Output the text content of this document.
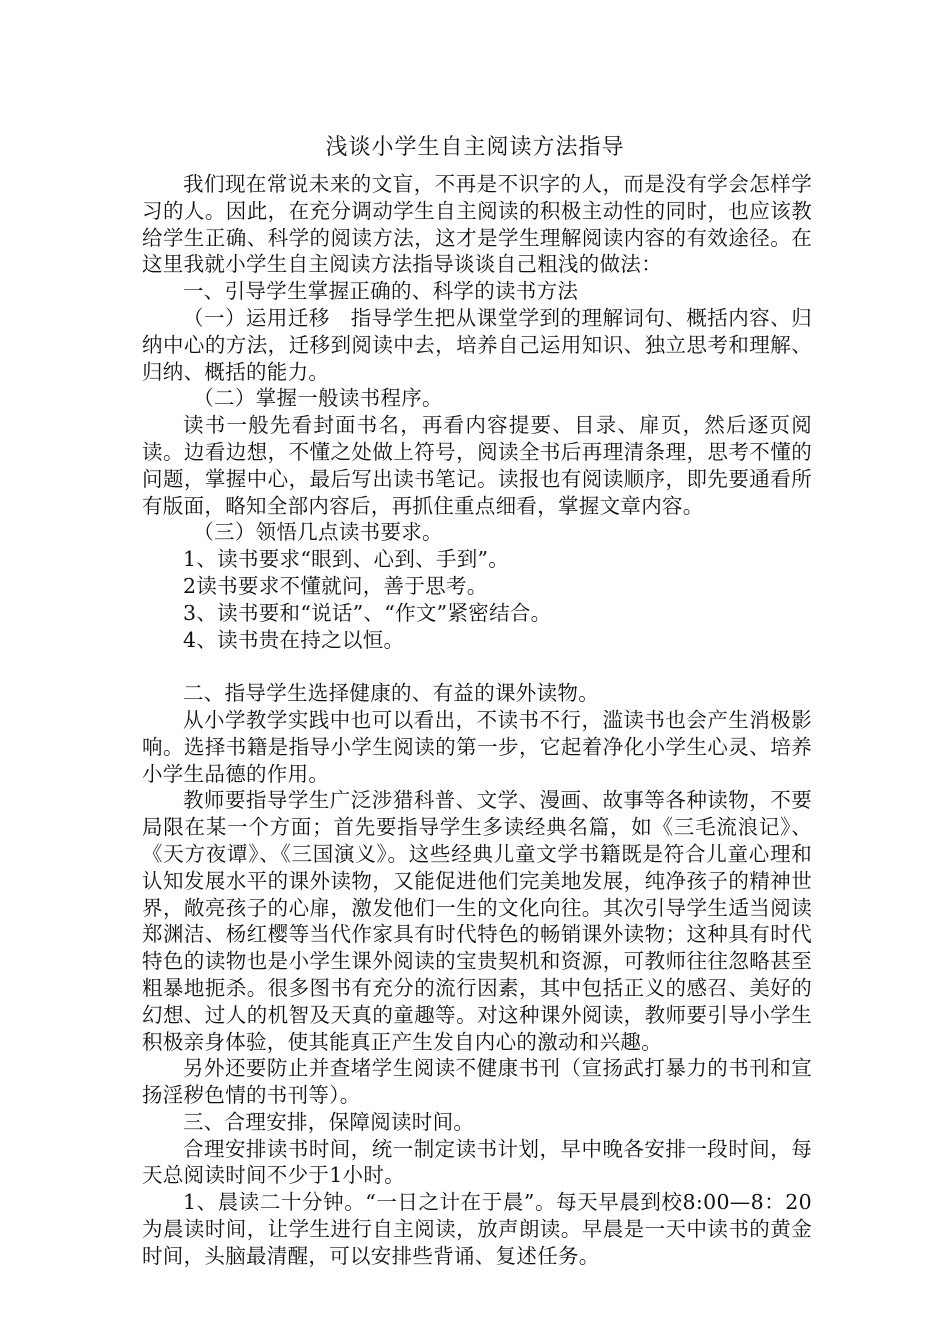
浅谈小学生自主阅读方法指导

我们现在常说未来的文盲，不再是不识字的人，而是没有学会怎样学习的人。因此，在充分调动学生自主阅读的积极主动性的同时，也应该教给学生正确、科学的阅读方法，这才是学生理解阅读内容的有效途径。在这里我就小学生自主阅读方法指导谈谈自己粗浅的做法：

一、引导学生掌握正确的、科学的读书方法

（一）运用迁移　指导学生把从课堂学到的理解词句、概括内容、归纳中心的方法，迁移到阅读中去，培养自己运用知识、独立思考和理解、归纳、概括的能力。

（二）掌握一般读书程序。

读书一般先看封面书名，再看内容提要、目录、扉页，然后逐页阅读。边看边想，不懂之处做上符号，阅读全书后再理清条理，思考不懂的问题，掌握中心，最后写出读书笔记。读报也有阅读顺序，即先要通看所有版面，略知全部内容后，再抓住重点细看，掌握文章内容。

（三）领悟几点读书要求。

1、读书要求“眼到、心到、手到”。

2读书要求不懂就问，善于思考。

3、读书要和“说话”、“作文”紧密结合。

4、读书贵在持之以恒。

二、指导学生选择健康的、有益的课外读物。

从小学教学实践中也可以看出，不读书不行，滥读书也会产生消极影响。选择书籍是指导小学生阅读的第一步，它起着净化小学生心灵、培养小学生品德的作用。

教师要指导学生广泛涉猎科普、文学、漫画、故事等各种读物，不要局限在某一个方面；首先要指导学生多读经典名篇，如《三毛流浪记》、《天方夜谭》、《三国演义》。这些经典儿童文学书籍既是符合儿童心理和认知发展水平的课外读物，又能促进他们完美地发展，纯净孩子的精神世界，敞亮孩子的心扉，激发他们一生的文化向往。其次引导学生适当阅读郑渊洁、杨红樱等当代作家具有时代特色的畅销课外读物；这种具有时代特色的读物也是小学生课外阅读的宝贵契机和资源，可教师往往忽略甚至粗暴地扼杀。很多图书有充分的流行因素，其中包括正义的感召、美好的幻想、过人的机智及天真的童趣等。对这种课外阅读，教师要引导小学生积极亲身体验，使其能真正产生发自内心的激动和兴趣。

另外还要防止并查堵学生阅读不健康书刊（宣扬武打暴力的书刊和宣扬淫秽色情的书刊等）。

三、合理安排，保障阅读时间。

合理安排读书时间，统一制定读书计划，早中晚各安排一段时间，每天总阅读时间不少于1小时。

1、晨读二十分钟。“一日之计在于晨”。每天早晨到校8:00—8：20为晨读时间，让学生进行自主阅读，放声朗读。早晨是一天中读书的黄金时间，头脑最清醒，可以安排些背诵、复述任务。
